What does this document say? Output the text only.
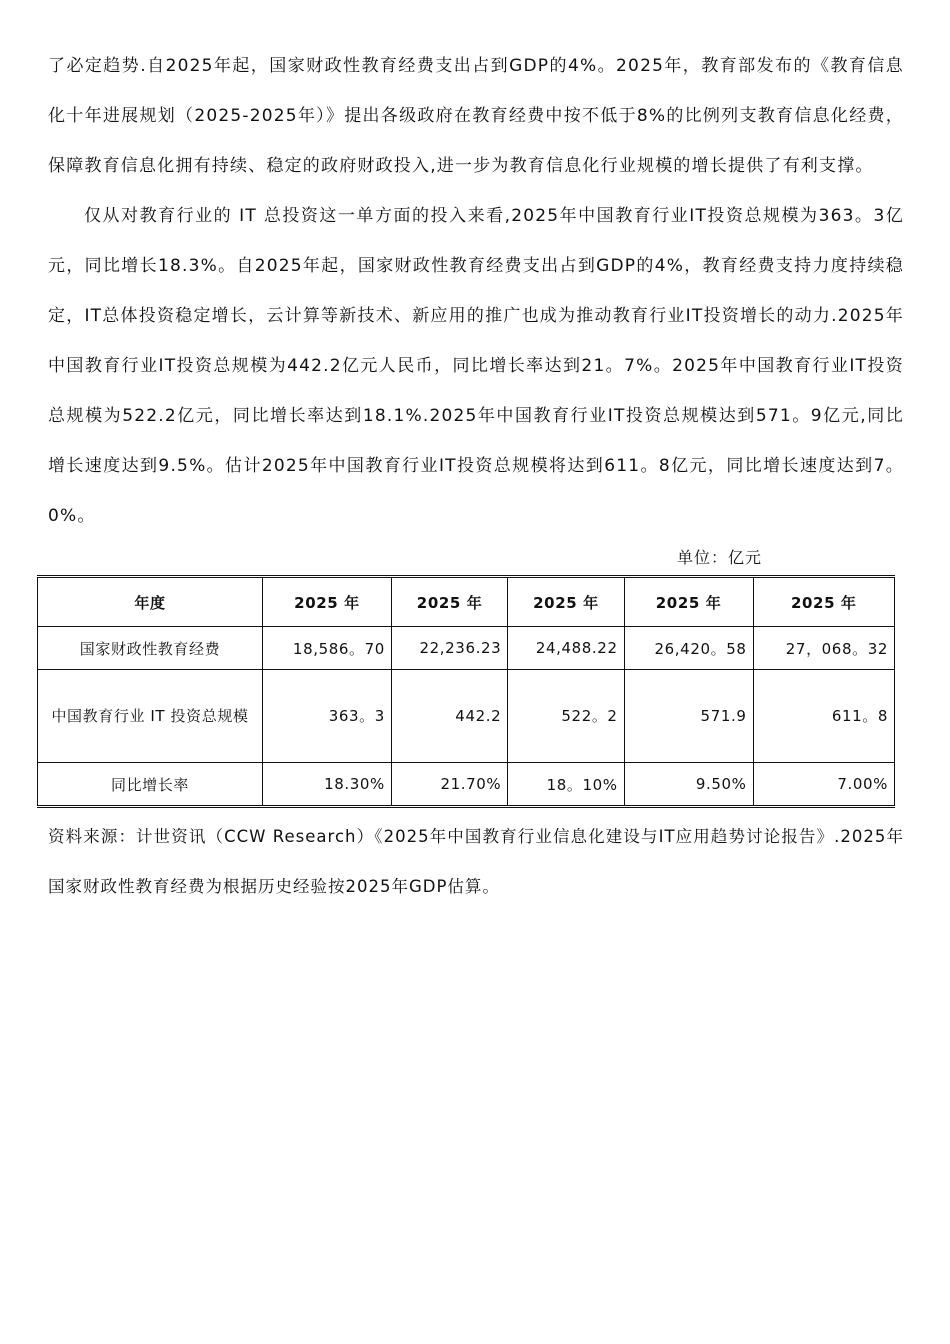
了必定趋势.自2025年起，国家财政性教育经费支出占到GDP的4%。2025年，教育部发布的《教育信息化十年进展规划（2025-2025年）》提出各级政府在教育经费中按不低于8%的比例列支教育信息化经费，保障教育信息化拥有持续、稳定的政府财政投入,进一步为教育信息化行业规模的增长提供了有利支撑。

仅从对教育行业的 IT 总投资这一单方面的投入来看,2025年中国教育行业IT投资总规模为363。3亿元，同比增长18.3%。自2025年起，国家财政性教育经费支出占到GDP的4%，教育经费支持力度持续稳定，IT总体投资稳定增长，云计算等新技术、新应用的推广也成为推动教育行业IT投资增长的动力.2025年中国教育行业IT投资总规模为442.2亿元人民币，同比增长率达到21。7%。2025年中国教育行业IT投资总规模为522.2亿元，同比增长率达到18.1%.2025年中国教育行业IT投资总规模达到571。9亿元,同比增长速度达到9.5%。估计2025年中国教育行业IT投资总规模将达到611。8亿元，同比增长速度达到7。0%。

单位：亿元

年度	2025 年	2025 年	2025 年	2025 年	2025 年
国家财政性教育经费	18,586。70	22,236.23	24,488.22	26,420。58	27，068。32
中国教育行业 IT 投资总规模	363。3	442.2	522。2	571.9	611。8
同比增长率	18.30%	21.70%	18。10%	9.50%	7.00%

资料来源：计世资讯（CCW Research）《2025年中国教育行业信息化建设与IT应用趋势讨论报告》.2025年国家财政性教育经费为根据历史经验按2025年GDP估算。
